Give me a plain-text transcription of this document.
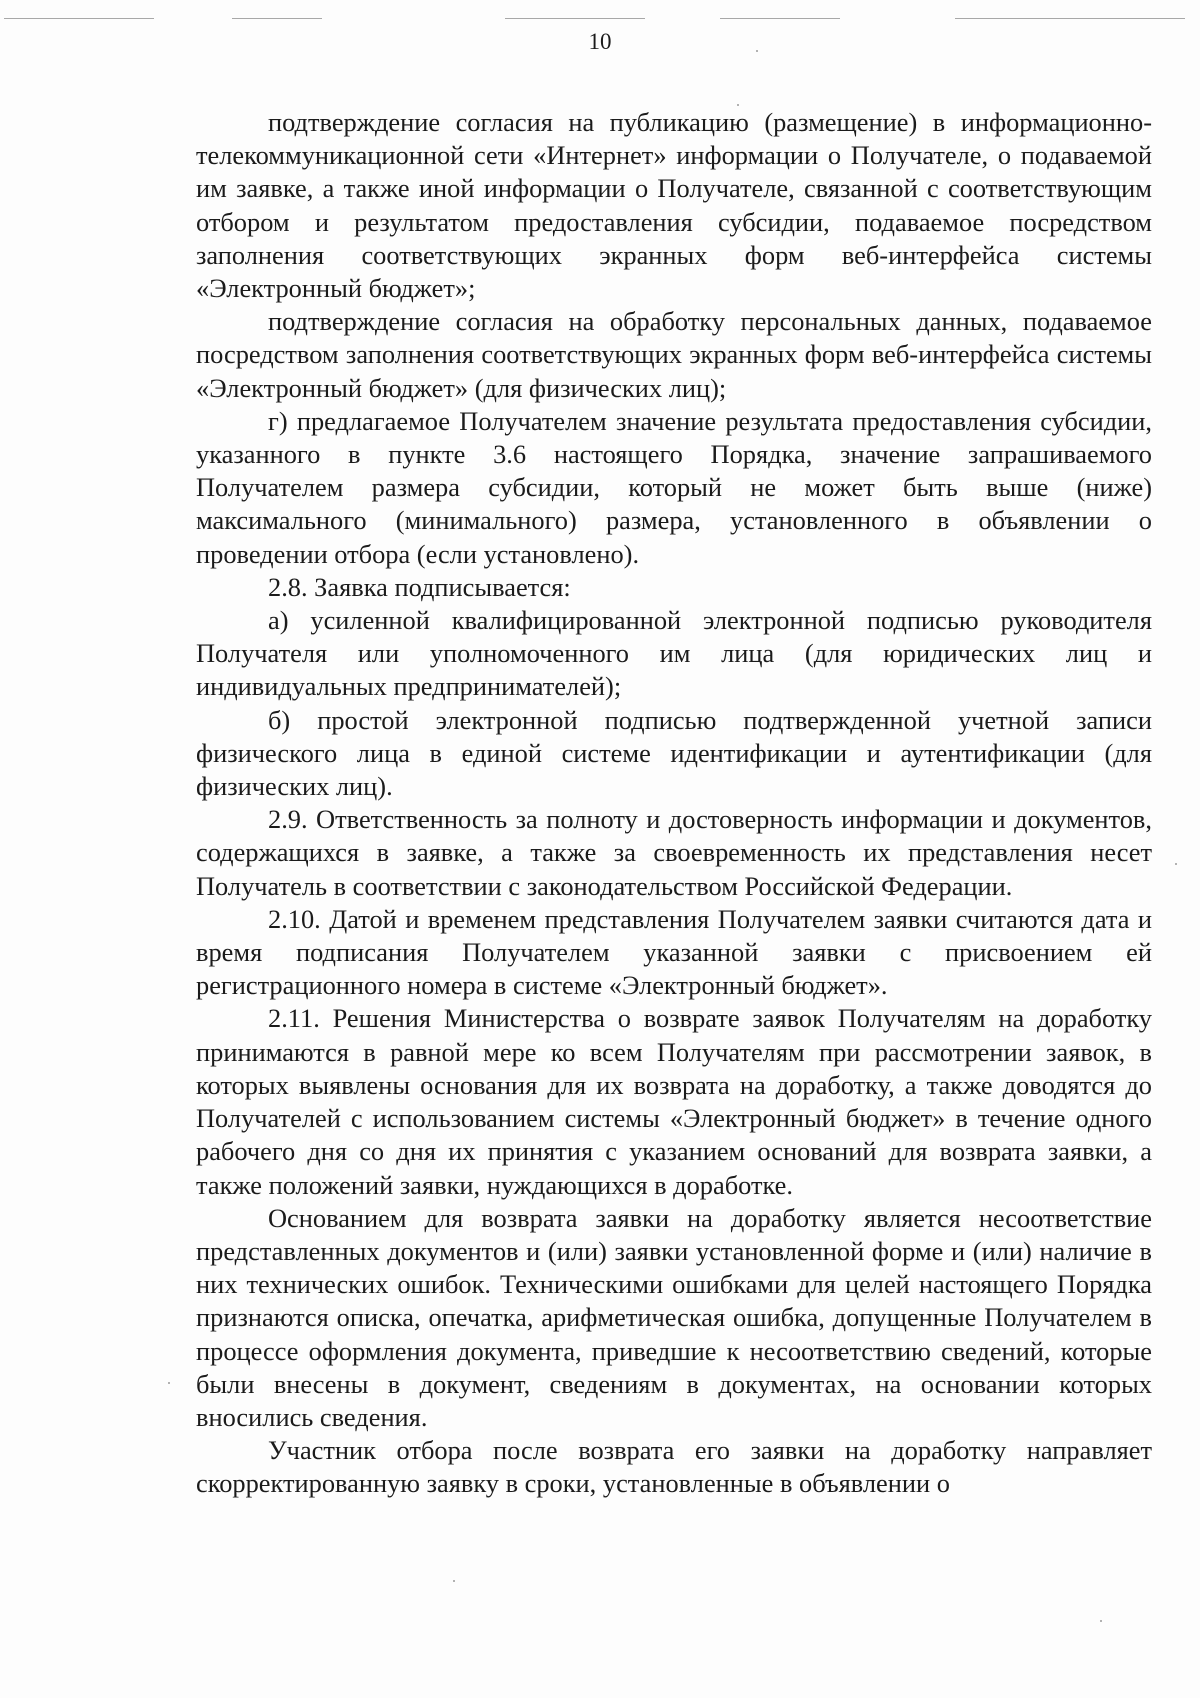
10

подтверждение согласия на публикацию (размещение) в информационно-телекоммуникационной сети «Интернет» информации о Получателе, о подаваемой им заявке, а также иной информации о Получателе, связанной с соответствующим отбором и результатом предоставления субсидии, подаваемое посредством заполнения соответствующих экранных форм веб-интерфейса системы «Электронный бюджет»;

подтверждение согласия на обработку персональных данных, подаваемое посредством заполнения соответствующих экранных форм веб-интерфейса системы «Электронный бюджет» (для физических лиц);

г) предлагаемое Получателем значение результата предоставления субсидии, указанного в пункте 3.6 настоящего Порядка, значение запрашиваемого Получателем размера субсидии, который не может быть выше (ниже) максимального (минимального) размера, установленного в объявлении о проведении отбора (если установлено).

2.8. Заявка подписывается:

а) усиленной квалифицированной электронной подписью руководителя Получателя или уполномоченного им лица (для юридических лиц и индивидуальных предпринимателей);

б) простой электронной подписью подтвержденной учетной записи физического лица в единой системе идентификации и аутентификации (для физических лиц).

2.9. Ответственность за полноту и достоверность информации и документов, содержащихся в заявке, а также за своевременность их представления несет Получатель в соответствии с законодательством Российской Федерации.

2.10. Датой и временем представления Получателем заявки считаются дата и время подписания Получателем указанной заявки с присвоением ей регистрационного номера в системе «Электронный бюджет».

2.11. Решения Министерства о возврате заявок Получателям на доработку принимаются в равной мере ко всем Получателям при рассмотрении заявок, в которых выявлены основания для их возврата на доработку, а также доводятся до Получателей с использованием системы «Электронный бюджет» в течение одного рабочего дня со дня их принятия с указанием оснований для возврата заявки, а также положений заявки, нуждающихся в доработке.

Основанием для возврата заявки на доработку является несоответствие представленных документов и (или) заявки установленной форме и (или) наличие в них технических ошибок. Техническими ошибками для целей настоящего Порядка признаются описка, опечатка, арифметическая ошибка, допущенные Получателем в процессе оформления документа, приведшие к несоответствию сведений, которые были внесены в документ, сведениям в документах, на основании которых вносились сведения.

Участник отбора после возврата его заявки на доработку направляет скорректированную заявку в сроки, установленные в объявлении о
